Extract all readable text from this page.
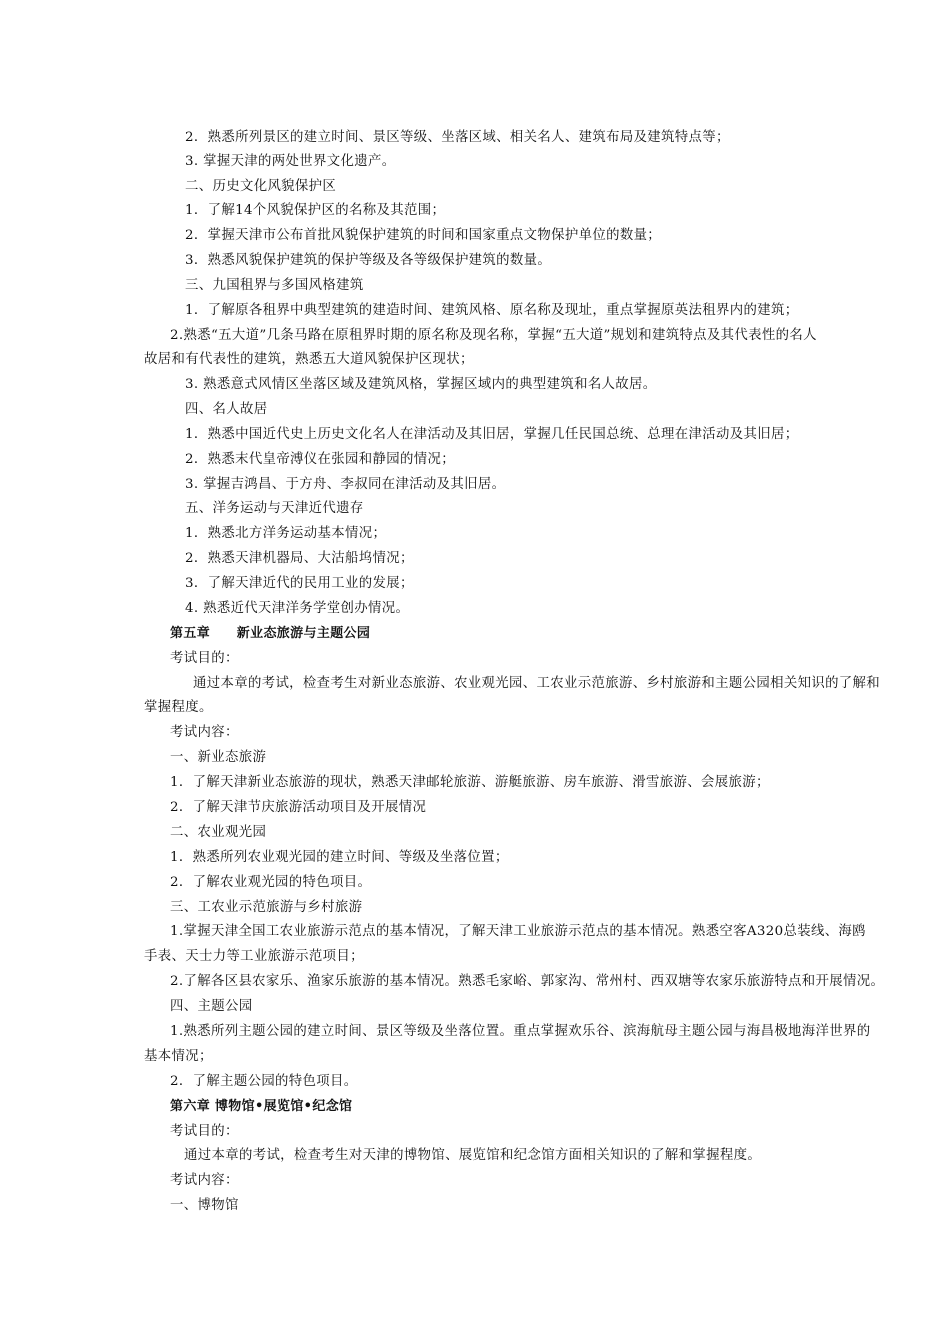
2．熟悉所列景区的建立时间、景区等级、坐落区域、相关名人、建筑布局及建筑特点等；
3. 掌握天津的两处世界文化遗产。
二、历史文化风貌保护区
1．了解14个风貌保护区的名称及其范围；
2．掌握天津市公布首批风貌保护建筑的时间和国家重点文物保护单位的数量；
3．熟悉风貌保护建筑的保护等级及各等级保护建筑的数量。
三、九国租界与多国风格建筑
1．了解原各租界中典型建筑的建造时间、建筑风格、原名称及现址，重点掌握原英法租界内的建筑；
2.熟悉“五大道”几条马路在原租界时期的原名称及现名称，掌握“五大道”规划和建筑特点及其代表性的名人
故居和有代表性的建筑，熟悉五大道风貌保护区现状；
3. 熟悉意式风情区坐落区域及建筑风格，掌握区域内的典型建筑和名人故居。
四、名人故居
1．熟悉中国近代史上历史文化名人在津活动及其旧居，掌握几任民国总统、总理在津活动及其旧居；
2．熟悉末代皇帝溥仪在张园和静园的情况；
3. 掌握吉鸿昌、于方舟、李叔同在津活动及其旧居。
五、洋务运动与天津近代遗存
1．熟悉北方洋务运动基本情况；
2．熟悉天津机器局、大沽船坞情况；
3．了解天津近代的民用工业的发展；
4. 熟悉近代天津洋务学堂创办情况。
第五章　　新业态旅游与主题公园
考试目的：
通过本章的考试，检查考生对新业态旅游、农业观光园、工农业示范旅游、乡村旅游和主题公园相关知识的了解和
掌握程度。
考试内容：
一、新业态旅游
1．了解天津新业态旅游的现状，熟悉天津邮轮旅游、游艇旅游、房车旅游、滑雪旅游、会展旅游；
2．了解天津节庆旅游活动项目及开展情况
二、农业观光园
1．熟悉所列农业观光园的建立时间、等级及坐落位置；
2．了解农业观光园的特色项目。
三、工农业示范旅游与乡村旅游
1.掌握天津全国工农业旅游示范点的基本情况，了解天津工业旅游示范点的基本情况。熟悉空客A320总装线、海鸥
手表、天士力等工业旅游示范项目；
2.了解各区县农家乐、渔家乐旅游的基本情况。熟悉毛家峪、郭家沟、常州村、西双塘等农家乐旅游特点和开展情况。
四、主题公园
1.熟悉所列主题公园的建立时间、景区等级及坐落位置。重点掌握欢乐谷、滨海航母主题公园与海昌极地海洋世界的
基本情况；
2．了解主题公园的特色项目。
第六章 博物馆•展览馆•纪念馆
考试目的：
通过本章的考试，检查考生对天津的博物馆、展览馆和纪念馆方面相关知识的了解和掌握程度。
考试内容：
一、博物馆
